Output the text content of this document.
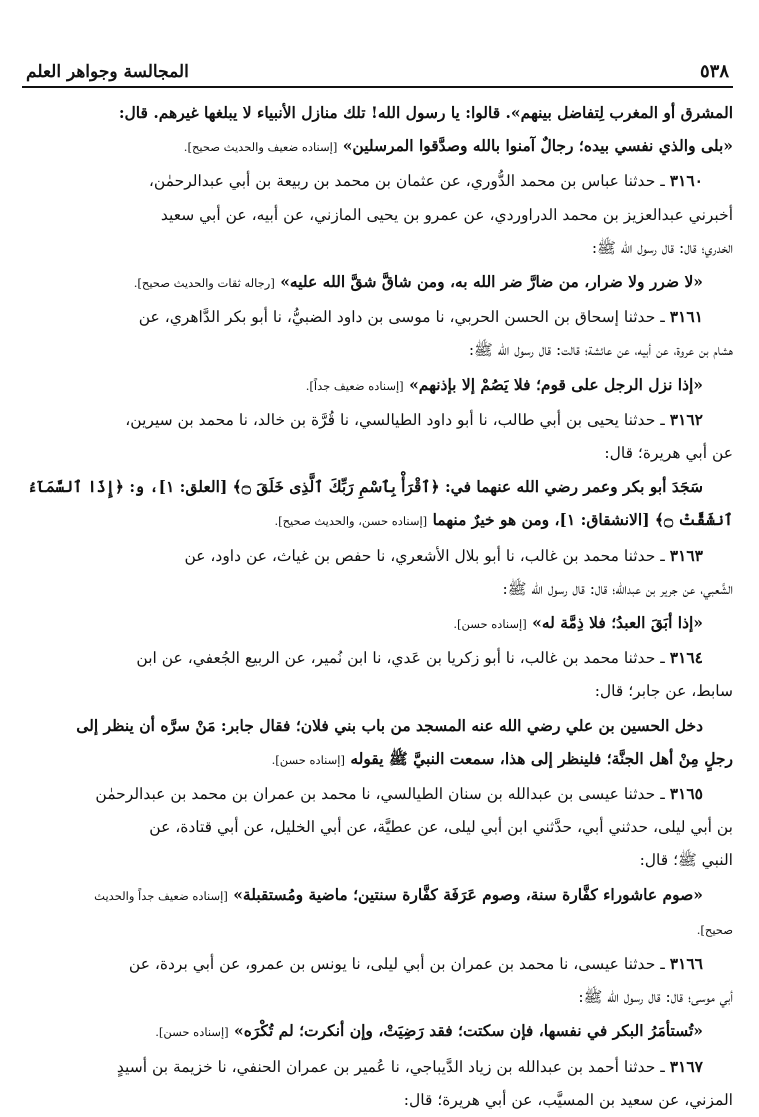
٥٣٨
المجالسة وجواهر العلم

المشرق أو المغرب لِتفاضل بينهم». قالوا: يا رسول الله! تلك منازل الأنبياء لا يبلغها غيرهم. قال:

«بلى والذي نفسي بيده؛ رجالٌ آمنوا بالله وصدَّقوا المرسلين» [إسناده ضعيف والحديث صحيح].

٣١٦٠ ـ حدثنا عباس بن محمد الدُّوري، عن عثمان بن محمد بن ربيعة بن أبي عبدالرحمٰن،

أخبرني عبدالعزيز بن محمد الدراوردي، عن عمرو بن يحيى المازني، عن أبيه، عن أبي سعيد

الخدري؛ قال: قال رسول الله ﷺ:

«لا ضرر ولا ضرار، من ضارَّ ضر الله به، ومن شاقَّ شقَّ الله عليه» [رجاله ثقات والحديث صحيح].

٣١٦١ ـ حدثنا إسحاق بن الحسن الحربي، نا موسى بن داود الضبيُّ، نا أبو بكر الدَّاهري، عن

هشام بن عروة، عن أبيه، عن عائشة؛ قالت: قال رسول الله ﷺ:

«إذا نزل الرجل على قوم؛ فلا يَصُمْ إلا بإذنهم» [إسناده ضعيف جداً].

٣١٦٢ ـ حدثنا يحيى بن أبي طالب، نا أبو داود الطيالسي، نا قُرَّة بن خالد، نا محمد بن سيرين،

عن أبي هريرة؛ قال:

سَجَدَ أبو بكر وعمر رضي الله عنهما في: ﴿ٱقْرَأْ بِٱسْمِ رَبِّكَ ٱلَّذِى خَلَقَ ۝﴾ [العلق: ١]، و: ﴿إِذَا ٱلسَّمَآءُ

ٱنشَقَّتْ ۝﴾ [الانشقاق: ١]، ومن هو خيرٌ منهما [إسناده حسن، والحديث صحيح].

٣١٦٣ ـ حدثنا محمد بن غالب، نا أبو بلال الأشعري، نا حفص بن غياث، عن داود، عن

الشَّعبي، عن جرير بن عبدالله؛ قال: قال رسول الله ﷺ:

«إذا أبَقَ العبدُ؛ فلا ذِمَّة له» [إسناده حسن].

٣١٦٤ ـ حدثنا محمد بن غالب، نا أبو زكريا بن عَدي، نا ابن نُمير، عن الربيع الجُعفي، عن ابن

سابط، عن جابر؛ قال:

دخل الحسين بن علي رضي الله عنه المسجد من باب بني فلان؛ فقال جابر: مَنْ سرَّه أن ينظر إلى

رجلٍ مِنْ أهل الجنَّة؛ فلينظر إلى هذا، سمعت النبيَّ ﷺ يقوله [إسناده حسن].

٣١٦٥ ـ حدثنا عيسى بن عبدالله بن سنان الطيالسي، نا محمد بن عمران بن محمد بن عبدالرحمٰن

بن أبي ليلى، حدثني أبي، حدَّثني ابن أبي ليلى، عن عطيَّة، عن أبي الخليل، عن أبي قتادة، عن

النبي ﷺ؛ قال:

«صوم عاشوراء كفَّارة سنة، وصوم عَرَفَة كفَّارة سنتين؛ ماضية ومُستقبلة» [إسناده ضعيف جداً والحديث

صحيح].

٣١٦٦ ـ حدثنا عيسى، نا محمد بن عمران بن أبي ليلى، نا يونس بن عمرو، عن أبي بردة، عن

أبي موسى؛ قال: قال رسول الله ﷺ:

«تُستأمَرُ البكر في نفسها، فإن سكتت؛ فقد رَضِيَتْ، وإن أنكرت؛ لم تُكْرَه» [إسناده حسن].

٣١٦٧ ـ حدثنا أحمد بن عبدالله بن زياد الدَّيباجي، نا عُمير بن عمران الحنفي، نا خزيمة بن أسيدٍ

المزني، عن سعيد بن المسيَّب، عن أبي هريرة؛ قال:
